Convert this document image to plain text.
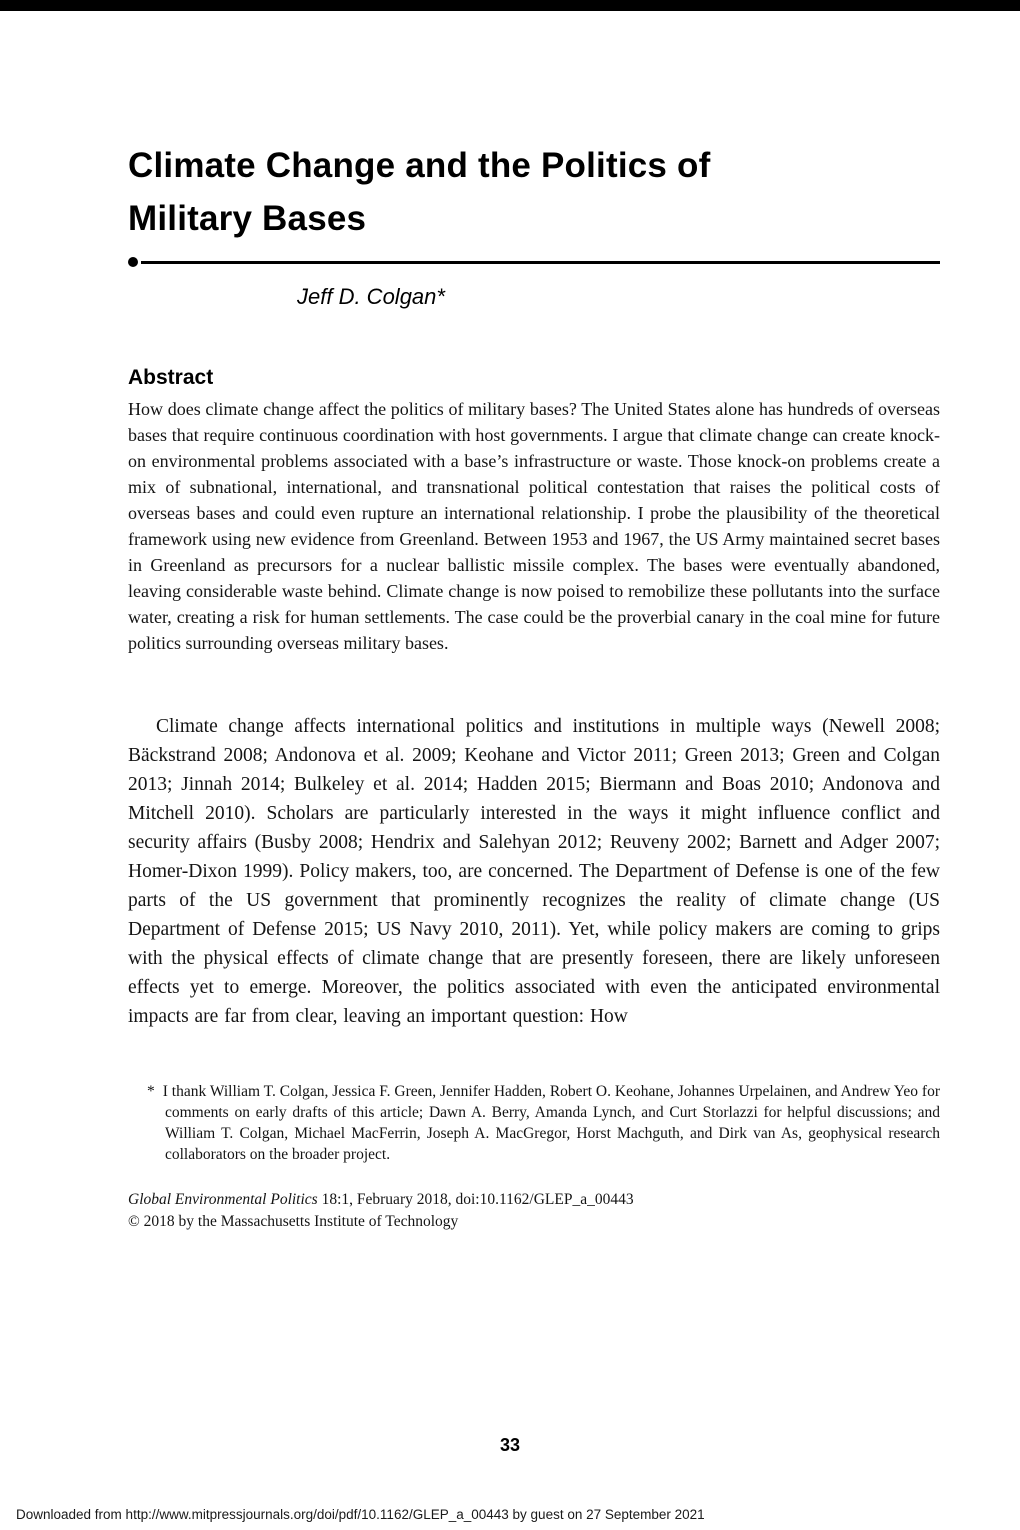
Climate Change and the Politics of
Military Bases
Jeff D. Colgan*
Abstract

How does climate change affect the politics of military bases? The United States alone has hundreds of overseas bases that require continuous coordination with host governments. I argue that climate change can create knock-on environmental problems associated with a base’s infrastructure or waste. Those knock-on problems create a mix of subnational, international, and transnational political contestation that raises the political costs of overseas bases and could even rupture an international relationship. I probe the plausibility of the theoretical framework using new evidence from Greenland. Between 1953 and 1967, the US Army maintained secret bases in Greenland as precursors for a nuclear ballistic missile complex. The bases were eventually abandoned, leaving considerable waste behind. Climate change is now poised to remobilize these pollutants into the surface water, creating a risk for human settlements. The case could be the proverbial canary in the coal mine for future politics surrounding overseas military bases.

Climate change affects international politics and institutions in multiple ways (Newell 2008; Bäckstrand 2008; Andonova et al. 2009; Keohane and Victor 2011; Green 2013; Green and Colgan 2013; Jinnah 2014; Bulkeley et al. 2014; Hadden 2015; Biermann and Boas 2010; Andonova and Mitchell 2010). Scholars are particularly interested in the ways it might influence conflict and security affairs (Busby 2008; Hendrix and Salehyan 2012; Reuveny 2002; Barnett and Adger 2007; Homer-Dixon 1999). Policy makers, too, are concerned. The Department of Defense is one of the few parts of the US government that prominently recognizes the reality of climate change (US Department of Defense 2015; US Navy 2010, 2011). Yet, while policy makers are coming to grips with the physical effects of climate change that are presently foreseen, there are likely unforeseen effects yet to emerge. Moreover, the politics associated with even the anticipated environmental impacts are far from clear, leaving an important question: How

* I thank William T. Colgan, Jessica F. Green, Jennifer Hadden, Robert O. Keohane, Johannes Urpelainen, and Andrew Yeo for comments on early drafts of this article; Dawn A. Berry, Amanda Lynch, and Curt Storlazzi for helpful discussions; and William T. Colgan, Michael MacFerrin, Joseph A. MacGregor, Horst Machguth, and Dirk van As, geophysical research collaborators on the broader project.
Global Environmental Politics 18:1, February 2018, doi:10.1162/GLEP_a_00443
© 2018 by the Massachusetts Institute of Technology
33
Downloaded from http://www.mitpressjournals.org/doi/pdf/10.1162/GLEP_a_00443 by guest on 27 September 2021
